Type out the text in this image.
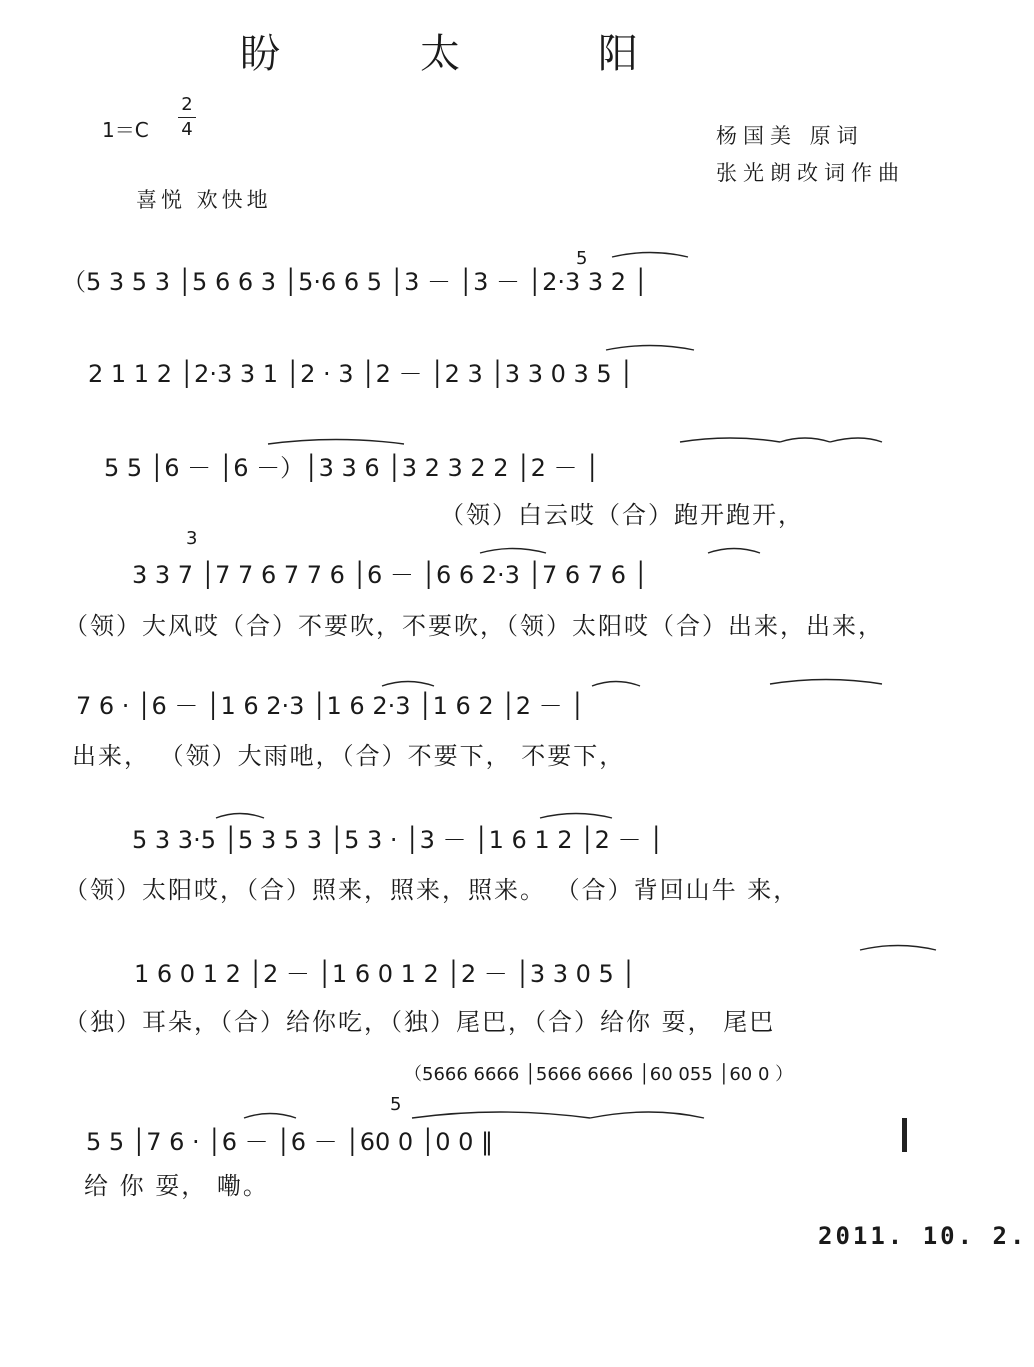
盼	太	阳
1＝C
2
4	杨国美 原词
张光朗改词作曲
喜悦 欢快地
（5 3 5 3 │5 6 6 3 │5·6 6 5 │3 － │3 － │2·3 3 2 │
5
2 1 1 2 │2·3 3 1 │2 · 3 │2 － │2 3 │3 3 0 3 5 │
5 5 │6 － │6 －）│3 3 6 │3 2 3 2 2 │2 － │
（领）白云哎（合）跑开跑开，
3
3 3 7 │7 7 6 7 7 6 │6 － │6 6 2·3 │7 6 7 6 │
（领）大风哎（合）不要吹，不要吹，（领）太阳哎（合）出来，出来，
7 6 · │6 － │1 6 2·3 │1 6 2·3 │1 6 2 │2 － │
出来， （领）大雨吔，（合）不要下， 不要下，
5 3 3·5 │5 3 5 3 │5 3 · │3 － │1 6 1 2 │2 － │
（领）太阳哎，（合）照来，照来，照来。 （合）背回山牛 来，
1 6 0 1 2 │2 － │1 6 0 1 2 │2 － │3 3 0 5 │
（独）耳朵，（合）给你吃，（独）尾巴，（合）给你 耍， 尾巴
（5666 6666 │5666 6666 │60 055 │60 0 ）
5
5 5 │7 6 · │6 － │6 － │60 0 │0 0 ‖
给 你 耍， 嘞。
2011. 10. 2.
